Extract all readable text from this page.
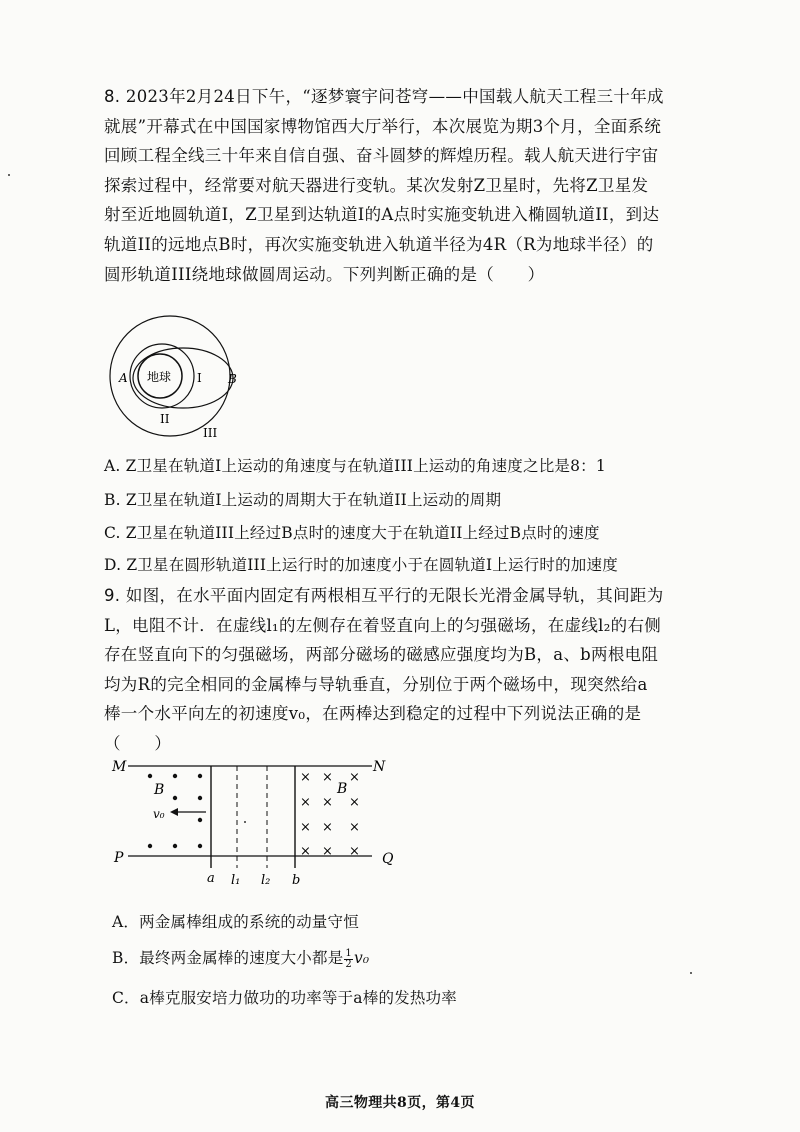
8. 2023年2月24日下午，“逐梦寰宇问苍穹——中国载人航天工程三十年成就展”开幕式在中国国家博物馆西大厅举行，本次展览为期3个月，全面系统回顾工程全线三十年来自信自强、奋斗圆梦的辉煌历程。载人航天进行宇宙探索过程中，经常要对航天器进行变轨。某次发射Z卫星时，先将Z卫星发射至近地圆轨道I，Z卫星到达轨道I的A点时实施变轨进入椭圆轨道II，到达轨道II的远地点B时，再次实施变轨进入轨道半径为4R（R为地球半径）的圆形轨道III绕地球做圆周运动。下列判断正确的是（　　）
地球
A	B
I
II
III
A. Z卫星在轨道I上运动的角速度与在轨道III上运动的角速度之比是8：1
B. Z卫星在轨道I上运动的周期大于在轨道II上运动的周期
C. Z卫星在轨道III上经过B点时的速度大于在轨道II上经过B点时的速度
D. Z卫星在圆形轨道III上运行时的加速度小于在圆轨道I上运行时的加速度
9. 如图，在水平面内固定有两根相互平行的无限长光滑金属导轨，其间距为L，电阻不计．在虚线l₁的左侧存在着竖直向上的匀强磁场，在虚线l₂的右侧存在竖直向下的匀强磁场，两部分磁场的磁感应强度均为B，a、b两根电阻均为R的完全相同的金属棒与导轨垂直，分别位于两个磁场中，现突然给a棒一个水平向左的初速度v₀，在两棒达到稳定的过程中下列说法正确的是（　　）
× × ×
× × ×
× × ×
× × ×
M	N
P	Q
B	B
v₀
a l₁ l₂ b
A．两金属棒组成的系统的动量守恒
B．最终两金属棒的速度大小都是 $\frac{1}{2} v_0$
C．a棒克服安培力做功的功率等于a棒的发热功率
高三物理共8页，第4页
